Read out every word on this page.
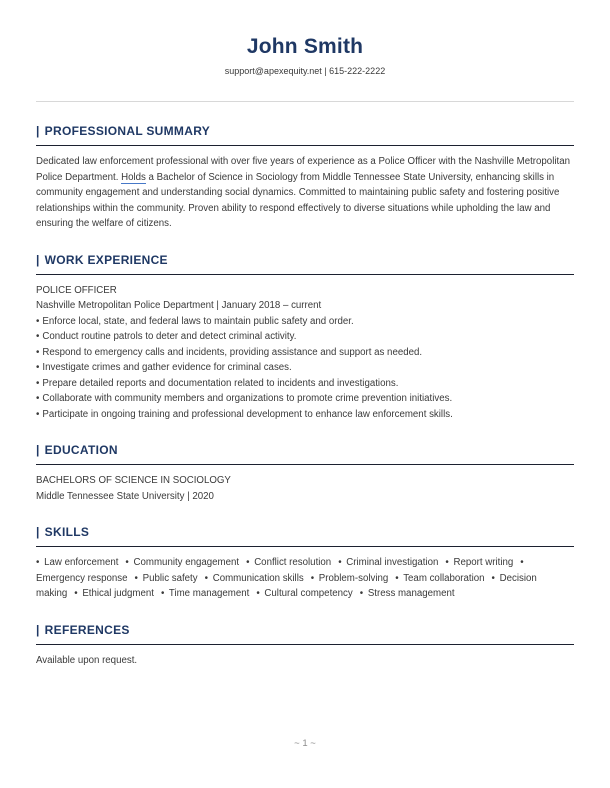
John Smith
support@apexequity.net | 615-222-2222
| PROFESSIONAL SUMMARY

Dedicated law enforcement professional with over five years of experience as a Police Officer with the Nashville Metropolitan Police Department. Holds a Bachelor of Science in Sociology from Middle Tennessee State University, enhancing skills in community engagement and understanding social dynamics. Committed to maintaining public safety and fostering positive relationships within the community. Proven ability to respond effectively to diverse situations while upholding the law and ensuring the welfare of citizens.

| WORK EXPERIENCE
POLICE OFFICER
Nashville Metropolitan Police Department | January 2018 – current
• Enforce local, state, and federal laws to maintain public safety and order.
• Conduct routine patrols to deter and detect criminal activity.
• Respond to emergency calls and incidents, providing assistance and support as needed.
• Investigate crimes and gather evidence for criminal cases.
• Prepare detailed reports and documentation related to incidents and investigations.
• Collaborate with community members and organizations to promote crime prevention initiatives.
• Participate in ongoing training and professional development to enhance law enforcement skills.
| EDUCATION
BACHELORS OF SCIENCE IN SOCIOLOGY
Middle Tennessee State University | 2020
| SKILLS

• Law enforcement • Community engagement • Conflict resolution • Criminal investigation • Report writing • Emergency response • Public safety • Communication skills • Problem-solving • Team collaboration • Decision making • Ethical judgment • Time management • Cultural competency • Stress management

| REFERENCES
Available upon request.
~ 1 ~
